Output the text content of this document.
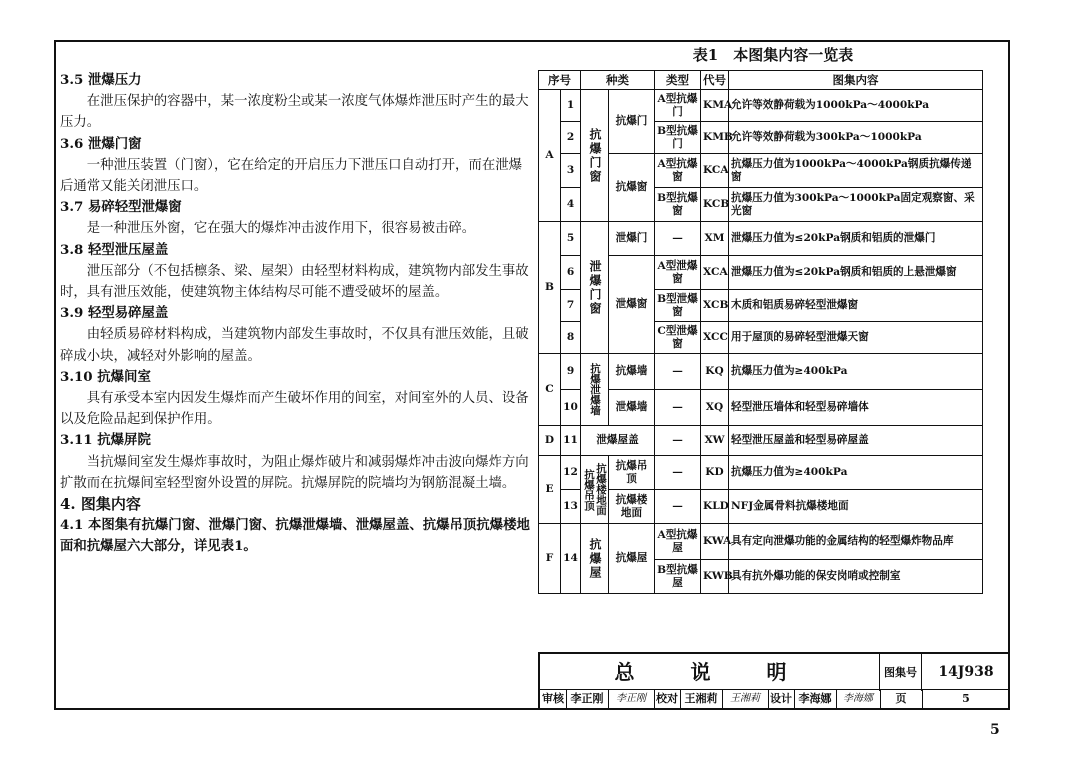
3.5 泄爆压力

在泄压保护的容器中，某一浓度粉尘或某一浓度气体爆炸泄压时产生的最大压力。

3.6 泄爆门窗

一种泄压装置（门窗），它在给定的开启压力下泄压口自动打开，而在泄爆后通常又能关闭泄压口。

3.7 易碎轻型泄爆窗

是一种泄压外窗，它在强大的爆炸冲击波作用下，很容易被击碎。

3.8 轻型泄压屋盖

泄压部分（不包括檩条、梁、屋架）由轻型材料构成，建筑物内部发生事故时，具有泄压效能，使建筑物主体结构尽可能不遭受破坏的屋盖。

3.9 轻型易碎屋盖

由轻质易碎材料构成，当建筑物内部发生事故时，不仅具有泄压效能，且破碎成小块，减轻对外影响的屋盖。

3.10 抗爆间室

具有承受本室内因发生爆炸而产生破坏作用的间室，对间室外的人员、设备以及危险品起到保护作用。

3.11 抗爆屏院

当抗爆间室发生爆炸事故时，为阻止爆炸破片和减弱爆炸冲击波向爆炸方向扩散而在抗爆间室轻型窗外设置的屏院。抗爆屏院的院墙均为钢筋混凝土墙。

4. 图集内容

4.1 本图集有抗爆门窗、泄爆门窗、抗爆泄爆墙、泄爆屋盖、抗爆吊顶抗爆楼地面和抗爆屋六大部分，详见表1。

表1　本图集内容一览表
序号		种类		类型	代号	图集内容
A	1	抗爆门窗	抗爆门	A型抗爆门	KMA	允许等效静荷载为1000kPa～4000kPa
	2			B型抗爆门	KMB	允许等效静荷载为300kPa～1000kPa
	3		抗爆窗	A型抗爆窗	KCA	抗爆压力值为1000kPa～4000kPa钢质抗爆传递窗
	4			B型抗爆窗	KCB	抗爆压力值为300kPa～1000kPa固定观察窗、采光窗
B	5	泄爆门窗	泄爆门	—	XM	泄爆压力值为≤20kPa钢质和铝质的泄爆门
	6		泄爆窗	A型泄爆窗	XCA	泄爆压力值为≤20kPa钢质和铝质的上悬泄爆窗
	7			B型泄爆窗	XCB	木质和铝质易碎轻型泄爆窗
	8			C型泄爆窗	XCC	用于屋顶的易碎轻型泄爆天窗
C	9	抗爆泄爆墙	抗爆墙	—	KQ	抗爆压力值为≥400kPa
	10		泄爆墙	—	XQ	轻型泄压墙体和轻型易碎墙体
D	11	泄爆屋盖		—	XW	轻型泄压屋盖和轻型易碎屋盖
E	12	抗爆吊顶 抗爆楼地面	抗爆吊顶	—	KD	抗爆压力值为≥400kPa
	13		抗爆楼地面	—	KLD	NFJ金属骨料抗爆楼地面
F	14	抗爆屋	抗爆屋	A型抗爆屋	KWA	具有定向泄爆功能的金属结构的轻型爆炸物品库
				B型抗爆屋	KWB	具有抗外爆功能的保安岗哨或控制室
总　说　明	图集号	14J938
审核 李正刚	李正刚 校对 王湘莉	王湘莉 设计 李海娜	李海娜	页	5
5
